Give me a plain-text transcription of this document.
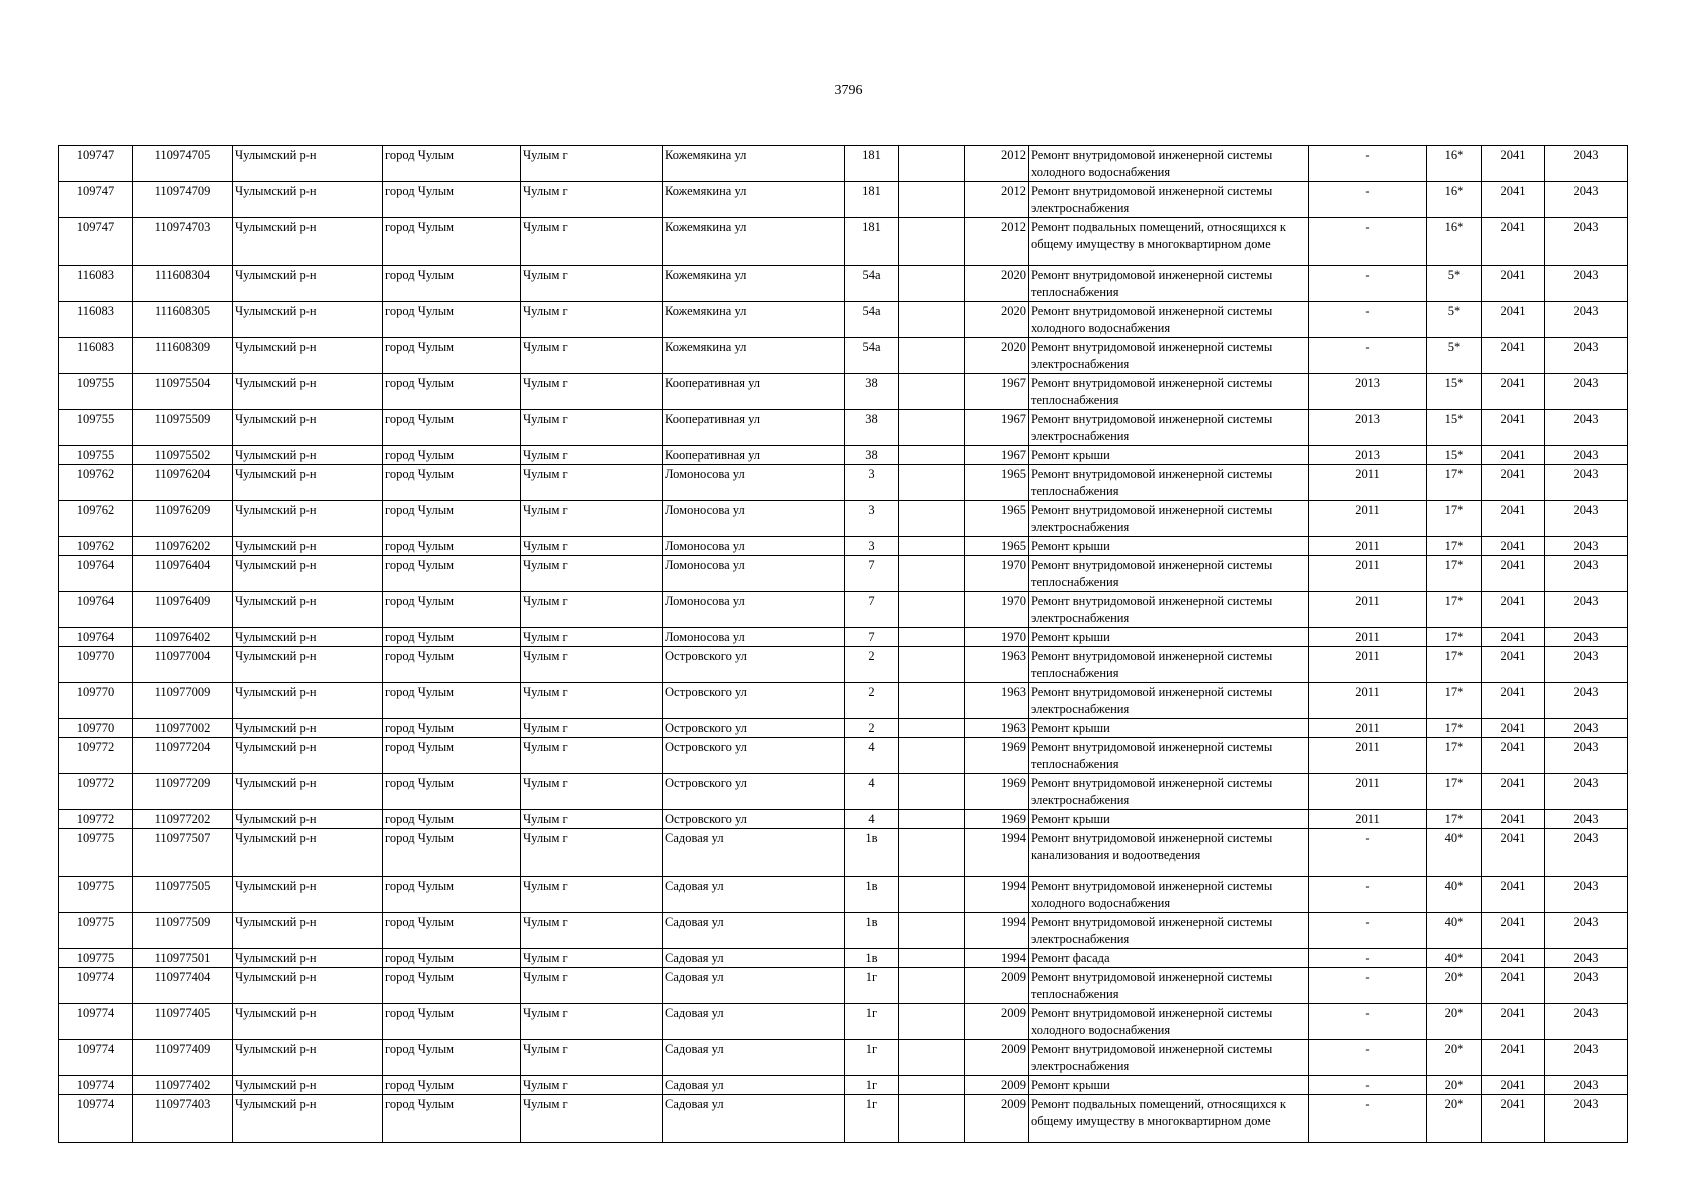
3796
109747	110974705	Чулымский р-н	город Чулым	Чулым г	Кожемякина ул	181		2012	Ремонт внутридомовой инженерной системы холодного водоснабжения	-	16*	2041	2043
109747	110974709	Чулымский р-н	город Чулым	Чулым г	Кожемякина ул	181		2012	Ремонт внутридомовой инженерной системы электроснабжения	-	16*	2041	2043
109747	110974703	Чулымский р-н	город Чулым	Чулым г	Кожемякина ул	181		2012	Ремонт подвальных помещений, относящихся к общему имуществу в многоквартирном доме	-	16*	2041	2043
116083	111608304	Чулымский р-н	город Чулым	Чулым г	Кожемякина ул	54а		2020	Ремонт внутридомовой инженерной системы теплоснабжения	-	5*	2041	2043
116083	111608305	Чулымский р-н	город Чулым	Чулым г	Кожемякина ул	54а		2020	Ремонт внутридомовой инженерной системы холодного водоснабжения	-	5*	2041	2043
116083	111608309	Чулымский р-н	город Чулым	Чулым г	Кожемякина ул	54а		2020	Ремонт внутридомовой инженерной системы электроснабжения	-	5*	2041	2043
109755	110975504	Чулымский р-н	город Чулым	Чулым г	Кооперативная ул	38		1967	Ремонт внутридомовой инженерной системы теплоснабжения	2013	15*	2041	2043
109755	110975509	Чулымский р-н	город Чулым	Чулым г	Кооперативная ул	38		1967	Ремонт внутридомовой инженерной системы электроснабжения	2013	15*	2041	2043
109755	110975502	Чулымский р-н	город Чулым	Чулым г	Кооперативная ул	38		1967	Ремонт крыши	2013	15*	2041	2043
109762	110976204	Чулымский р-н	город Чулым	Чулым г	Ломоносова ул	3		1965	Ремонт внутридомовой инженерной системы теплоснабжения	2011	17*	2041	2043
109762	110976209	Чулымский р-н	город Чулым	Чулым г	Ломоносова ул	3		1965	Ремонт внутридомовой инженерной системы электроснабжения	2011	17*	2041	2043
109762	110976202	Чулымский р-н	город Чулым	Чулым г	Ломоносова ул	3		1965	Ремонт крыши	2011	17*	2041	2043
109764	110976404	Чулымский р-н	город Чулым	Чулым г	Ломоносова ул	7		1970	Ремонт внутридомовой инженерной системы теплоснабжения	2011	17*	2041	2043
109764	110976409	Чулымский р-н	город Чулым	Чулым г	Ломоносова ул	7		1970	Ремонт внутридомовой инженерной системы электроснабжения	2011	17*	2041	2043
109764	110976402	Чулымский р-н	город Чулым	Чулым г	Ломоносова ул	7		1970	Ремонт крыши	2011	17*	2041	2043
109770	110977004	Чулымский р-н	город Чулым	Чулым г	Островского ул	2		1963	Ремонт внутридомовой инженерной системы теплоснабжения	2011	17*	2041	2043
109770	110977009	Чулымский р-н	город Чулым	Чулым г	Островского ул	2		1963	Ремонт внутридомовой инженерной системы электроснабжения	2011	17*	2041	2043
109770	110977002	Чулымский р-н	город Чулым	Чулым г	Островского ул	2		1963	Ремонт крыши	2011	17*	2041	2043
109772	110977204	Чулымский р-н	город Чулым	Чулым г	Островского ул	4		1969	Ремонт внутридомовой инженерной системы теплоснабжения	2011	17*	2041	2043
109772	110977209	Чулымский р-н	город Чулым	Чулым г	Островского ул	4		1969	Ремонт внутридомовой инженерной системы электроснабжения	2011	17*	2041	2043
109772	110977202	Чулымский р-н	город Чулым	Чулым г	Островского ул	4		1969	Ремонт крыши	2011	17*	2041	2043
109775	110977507	Чулымский р-н	город Чулым	Чулым г	Садовая ул	1в		1994	Ремонт внутридомовой инженерной системы канализования и водоотведения	-	40*	2041	2043
109775	110977505	Чулымский р-н	город Чулым	Чулым г	Садовая ул	1в		1994	Ремонт внутридомовой инженерной системы холодного водоснабжения	-	40*	2041	2043
109775	110977509	Чулымский р-н	город Чулым	Чулым г	Садовая ул	1в		1994	Ремонт внутридомовой инженерной системы электроснабжения	-	40*	2041	2043
109775	110977501	Чулымский р-н	город Чулым	Чулым г	Садовая ул	1в		1994	Ремонт фасада	-	40*	2041	2043
109774	110977404	Чулымский р-н	город Чулым	Чулым г	Садовая ул	1г		2009	Ремонт внутридомовой инженерной системы теплоснабжения	-	20*	2041	2043
109774	110977405	Чулымский р-н	город Чулым	Чулым г	Садовая ул	1г		2009	Ремонт внутридомовой инженерной системы холодного водоснабжения	-	20*	2041	2043
109774	110977409	Чулымский р-н	город Чулым	Чулым г	Садовая ул	1г		2009	Ремонт внутридомовой инженерной системы электроснабжения	-	20*	2041	2043
109774	110977402	Чулымский р-н	город Чулым	Чулым г	Садовая ул	1г		2009	Ремонт крыши	-	20*	2041	2043
109774	110977403	Чулымский р-н	город Чулым	Чулым г	Садовая ул	1г		2009	Ремонт подвальных помещений, относящихся к общему имуществу в многоквартирном доме	-	20*	2041	2043
